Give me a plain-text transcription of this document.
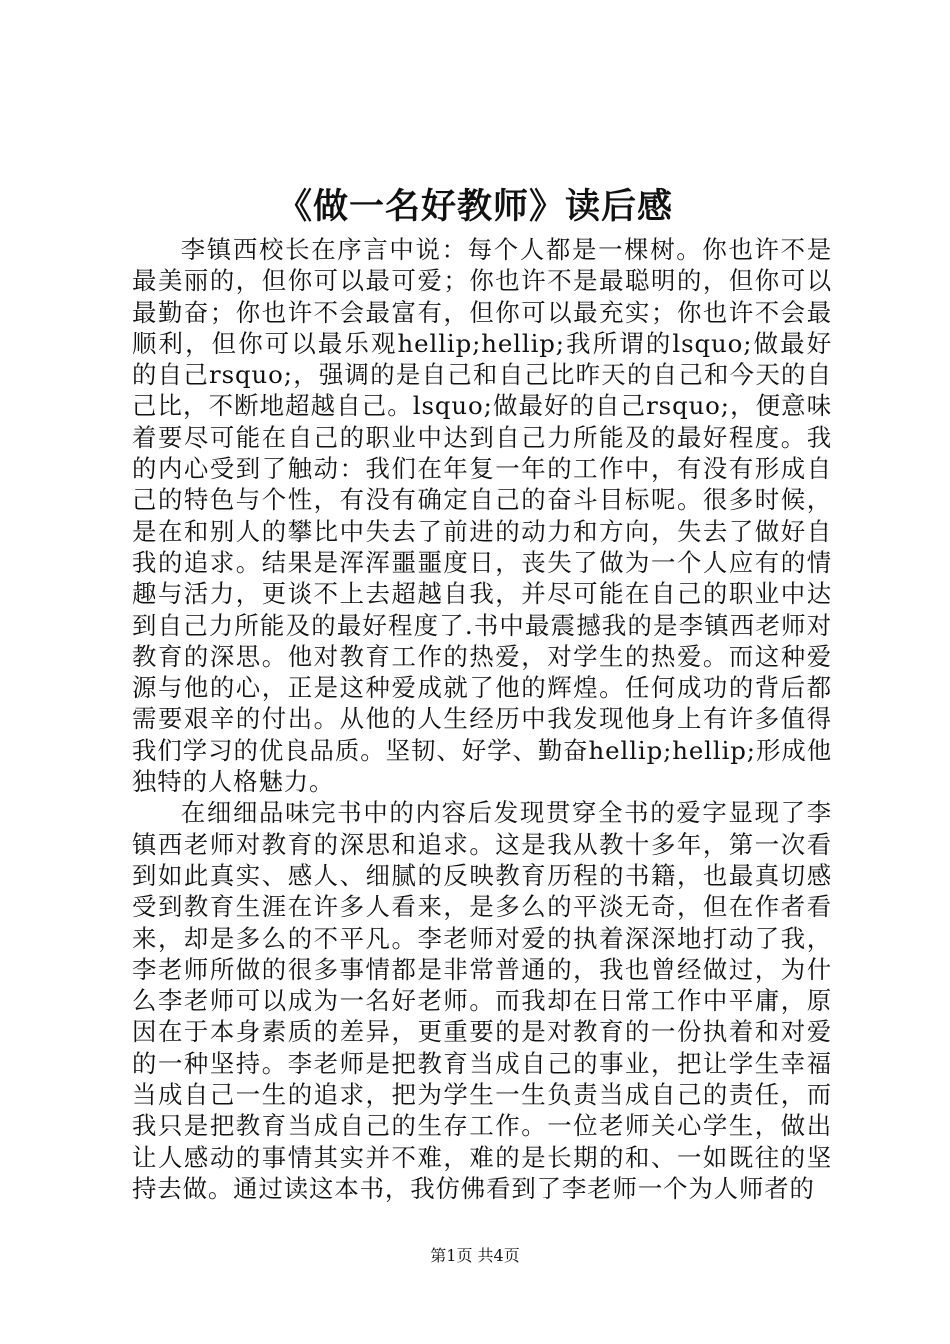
《做一名好教师》读后感

李镇西校长在序言中说：每个人都是一棵树。你也许不是最美丽的，但你可以最可爱；你也许不是最聪明的，但你可以最勤奋；你也许不会最富有，但你可以最充实；你也许不会最顺利，但你可以最乐观hellip;hellip;我所谓的lsquo;做最好的自己rsquo;，强调的是自己和自己比昨天的自己和今天的自己比，不断地超越自己。lsquo;做最好的自己rsquo;，便意味着要尽可能在自己的职业中达到自己力所能及的最好程度。我的内心受到了触动：我们在年复一年的工作中，有没有形成自己的特色与个性，有没有确定自己的奋斗目标呢。很多时候，是在和别人的攀比中失去了前进的动力和方向，失去了做好自我的追求。结果是浑浑噩噩度日，丧失了做为一个人应有的情趣与活力，更谈不上去超越自我，并尽可能在自己的职业中达到自己力所能及的最好程度了.书中最震撼我的是李镇西老师对教育的深思。他对教育工作的热爱，对学生的热爱。而这种爱源与他的心，正是这种爱成就了他的辉煌。任何成功的背后都需要艰辛的付出。从他的人生经历中我发现他身上有许多值得我们学习的优良品质。坚韧、好学、勤奋hellip;hellip;形成他独特的人格魅力。

在细细品味完书中的内容后发现贯穿全书的爱字显现了李镇西老师对教育的深思和追求。这是我从教十多年，第一次看到如此真实、感人、细腻的反映教育历程的书籍，也最真切感受到教育生涯在许多人看来，是多么的平淡无奇，但在作者看来，却是多么的不平凡。李老师对爱的执着深深地打动了我，李老师所做的很多事情都是非常普通的，我也曾经做过，为什么李老师可以成为一名好老师。而我却在日常工作中平庸，原因在于本身素质的差异，更重要的是对教育的一份执着和对爱的一种坚持。李老师是把教育当成自己的事业，把让学生幸福当成自己一生的追求，把为学生一生负责当成自己的责任，而我只是把教育当成自己的生存工作。一位老师关心学生，做出让人感动的事情其实并不难，难的是长期的和、一如既往的坚持去做。通过读这本书，我仿佛看到了李老师一个为人师者的

第1页 共4页
